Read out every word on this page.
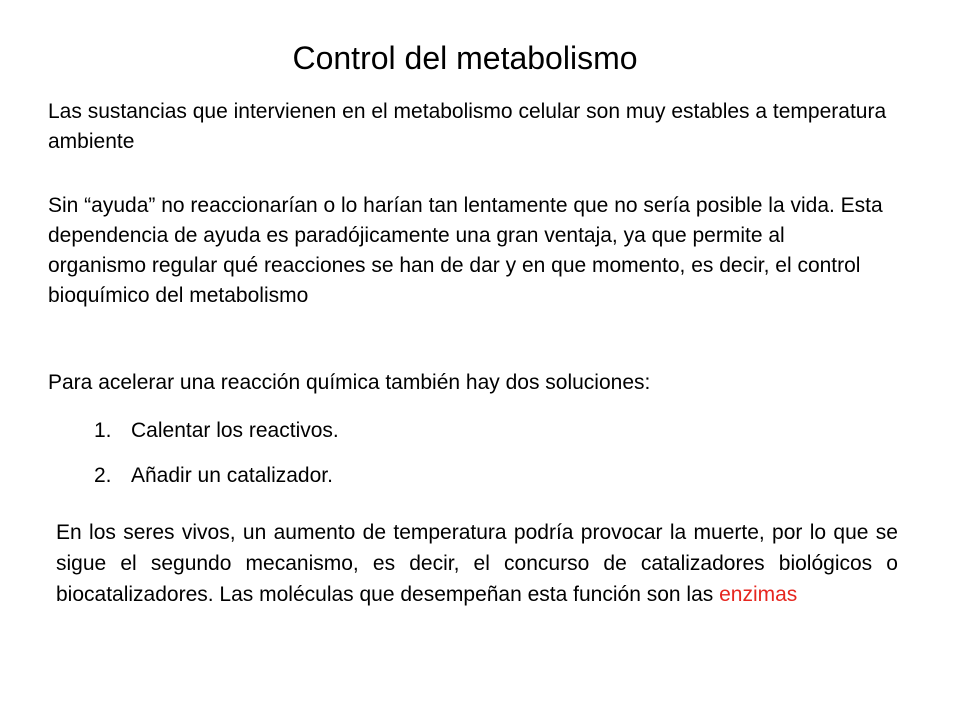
Control del metabolismo

Las sustancias que intervienen en el metabolismo celular son muy estables a temperatura ambiente

Sin “ayuda” no reaccionarían o lo harían tan lentamente que no sería posible la vida. Esta dependencia de ayuda es paradójicamente una gran ventaja, ya que permite al organismo regular qué reacciones se han de dar y en que momento, es decir, el control bioquímico del metabolismo

Para acelerar una reacción química también hay dos soluciones:

1. Calentar los reactivos.
2. Añadir un catalizador.

En los seres vivos, un aumento de temperatura podría provocar la muerte, por lo que se sigue el segundo mecanismo, es decir, el concurso de catalizadores biológicos o biocatalizadores. Las moléculas que desempeñan esta función son las enzimas
